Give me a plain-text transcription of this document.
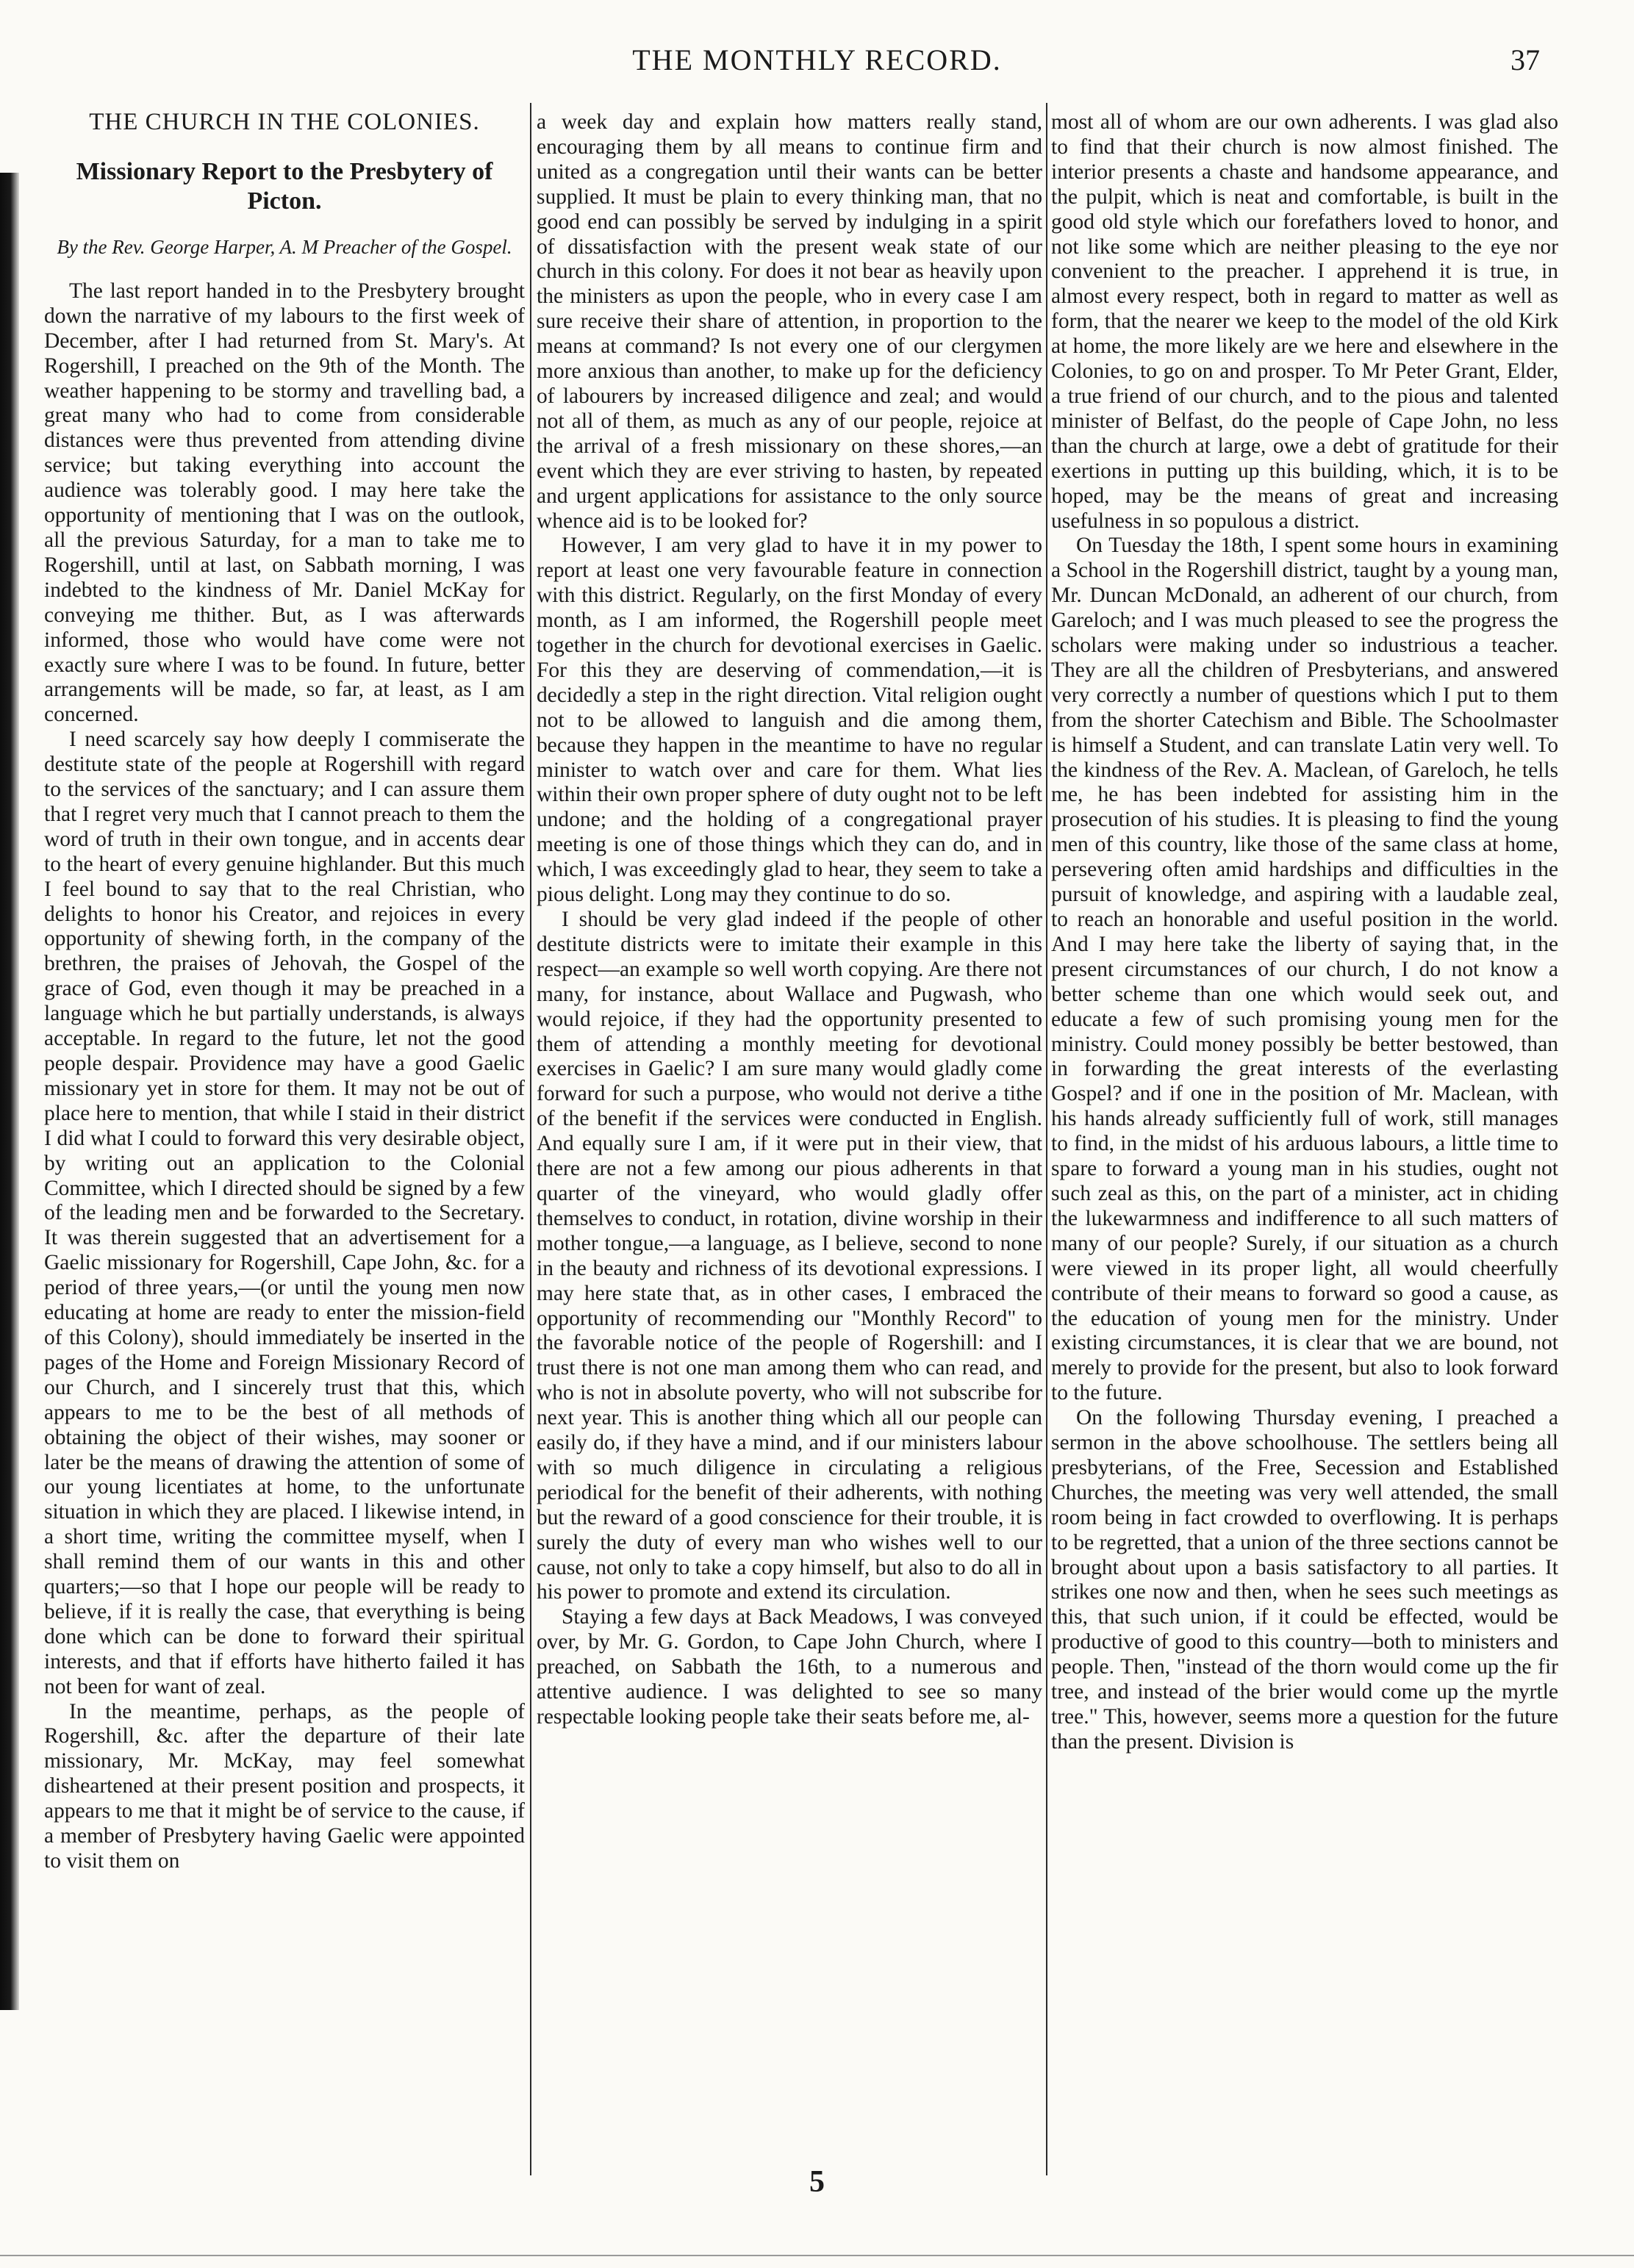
THE MONTHLY RECORD.	37
THE CHURCH IN THE COLONIES.
Missionary Report to the Presbytery of Picton.
By the Rev. George Harper, A. M Preacher of the Gospel.

The last report handed in to the Presbytery brought down the narrative of my labours to the first week of December, after I had returned from St. Mary's. At Rogershill, I preached on the 9th of the Month. The weather happening to be stormy and travelling bad, a great many who had to come from considerable distances were thus prevented from attending divine service; but taking everything into account the audience was tolerably good. I may here take the opportunity of mentioning that I was on the outlook, all the previous Saturday, for a man to take me to Rogershill, until at last, on Sabbath morning, I was indebted to the kindness of Mr. Daniel McKay for conveying me thither. But, as I was afterwards informed, those who would have come were not exactly sure where I was to be found. In future, better arrangements will be made, so far, at least, as I am concerned.

I need scarcely say how deeply I commiserate the destitute state of the people at Rogershill with regard to the services of the sanctuary; and I can assure them that I regret very much that I cannot preach to them the word of truth in their own tongue, and in accents dear to the heart of every genuine highlander. But this much I feel bound to say that to the real Christian, who delights to honor his Creator, and rejoices in every opportunity of shewing forth, in the company of the brethren, the praises of Jehovah, the Gospel of the grace of God, even though it may be preached in a language which he but partially understands, is always acceptable. In regard to the future, let not the good people despair. Providence may have a good Gaelic missionary yet in store for them. It may not be out of place here to mention, that while I staid in their district I did what I could to forward this very desirable object, by writing out an application to the Colonial Committee, which I directed should be signed by a few of the leading men and be forwarded to the Secretary. It was therein suggested that an advertisement for a Gaelic missionary for Rogershill, Cape John, &c. for a period of three years,—(or until the young men now educating at home are ready to enter the mission-field of this Colony), should immediately be inserted in the pages of the Home and Foreign Missionary Record of our Church, and I sincerely trust that this, which appears to me to be the best of all methods of obtaining the object of their wishes, may sooner or later be the means of drawing the attention of some of our young licentiates at home, to the unfortunate situation in which they are placed. I likewise intend, in a short time, writing the committee myself, when I shall remind them of our wants in this and other quarters;—so that I hope our people will be ready to believe, if it is really the case, that everything is being done which can be done to forward their spiritual interests, and that if efforts have hitherto failed it has not been for want of zeal.

In the meantime, perhaps, as the people of Rogershill, &c. after the departure of their late missionary, Mr. McKay, may feel somewhat disheartened at their present position and prospects, it appears to me that it might be of service to the cause, if a member of Presbytery having Gaelic were appointed to visit them on

a week day and explain how matters really stand, encouraging them by all means to continue firm and united as a congregation until their wants can be better supplied. It must be plain to every thinking man, that no good end can possibly be served by indulging in a spirit of dissatisfaction with the present weak state of our church in this colony. For does it not bear as heavily upon the ministers as upon the people, who in every case I am sure receive their share of attention, in proportion to the means at command? Is not every one of our clergymen more anxious than another, to make up for the deficiency of labourers by increased diligence and zeal; and would not all of them, as much as any of our people, rejoice at the arrival of a fresh missionary on these shores,—an event which they are ever striving to hasten, by repeated and urgent applications for assistance to the only source whence aid is to be looked for?

However, I am very glad to have it in my power to report at least one very favourable feature in connection with this district. Regularly, on the first Monday of every month, as I am informed, the Rogershill people meet together in the church for devotional exercises in Gaelic. For this they are deserving of commendation,—it is decidedly a step in the right direction. Vital religion ought not to be allowed to languish and die among them, because they happen in the meantime to have no regular minister to watch over and care for them. What lies within their own proper sphere of duty ought not to be left undone; and the holding of a congregational prayer meeting is one of those things which they can do, and in which, I was exceedingly glad to hear, they seem to take a pious delight. Long may they continue to do so.

I should be very glad indeed if the people of other destitute districts were to imitate their example in this respect—an example so well worth copying. Are there not many, for instance, about Wallace and Pugwash, who would rejoice, if they had the opportunity presented to them of attending a monthly meeting for devotional exercises in Gaelic? I am sure many would gladly come forward for such a purpose, who would not derive a tithe of the benefit if the services were conducted in English. And equally sure I am, if it were put in their view, that there are not a few among our pious adherents in that quarter of the vineyard, who would gladly offer themselves to conduct, in rotation, divine worship in their mother tongue,—a language, as I believe, second to none in the beauty and richness of its devotional expressions. I may here state that, as in other cases, I embraced the opportunity of recommending our "Monthly Record" to the favorable notice of the people of Rogershill: and I trust there is not one man among them who can read, and who is not in absolute poverty, who will not subscribe for next year. This is another thing which all our people can easily do, if they have a mind, and if our ministers labour with so much diligence in circulating a religious periodical for the benefit of their adherents, with nothing but the reward of a good conscience for their trouble, it is surely the duty of every man who wishes well to our cause, not only to take a copy himself, but also to do all in his power to promote and extend its circulation.

Staying a few days at Back Meadows, I was conveyed over, by Mr. G. Gordon, to Cape John Church, where I preached, on Sabbath the 16th, to a numerous and attentive audience. I was delighted to see so many respectable looking people take their seats before me, al-

most all of whom are our own adherents. I was glad also to find that their church is now almost finished. The interior presents a chaste and handsome appearance, and the pulpit, which is neat and comfortable, is built in the good old style which our forefathers loved to honor, and not like some which are neither pleasing to the eye nor convenient to the preacher. I apprehend it is true, in almost every respect, both in regard to matter as well as form, that the nearer we keep to the model of the old Kirk at home, the more likely are we here and elsewhere in the Colonies, to go on and prosper. To Mr Peter Grant, Elder, a true friend of our church, and to the pious and talented minister of Belfast, do the people of Cape John, no less than the church at large, owe a debt of gratitude for their exertions in putting up this building, which, it is to be hoped, may be the means of great and increasing usefulness in so populous a district.

On Tuesday the 18th, I spent some hours in examining a School in the Rogershill district, taught by a young man, Mr. Duncan McDonald, an adherent of our church, from Gareloch; and I was much pleased to see the progress the scholars were making under so industrious a teacher. They are all the children of Presbyterians, and answered very correctly a number of questions which I put to them from the shorter Catechism and Bible. The Schoolmaster is himself a Student, and can translate Latin very well. To the kindness of the Rev. A. Maclean, of Gareloch, he tells me, he has been indebted for assisting him in the prosecution of his studies. It is pleasing to find the young men of this country, like those of the same class at home, persevering often amid hardships and difficulties in the pursuit of knowledge, and aspiring with a laudable zeal, to reach an honorable and useful position in the world. And I may here take the liberty of saying that, in the present circumstances of our church, I do not know a better scheme than one which would seek out, and educate a few of such promising young men for the ministry. Could money possibly be better bestowed, than in forwarding the great interests of the everlasting Gospel? and if one in the position of Mr. Maclean, with his hands already sufficiently full of work, still manages to find, in the midst of his arduous labours, a little time to spare to forward a young man in his studies, ought not such zeal as this, on the part of a minister, act in chiding the lukewarmness and indifference to all such matters of many of our people? Surely, if our situation as a church were viewed in its proper light, all would cheerfully contribute of their means to forward so good a cause, as the education of young men for the ministry. Under existing circumstances, it is clear that we are bound, not merely to provide for the present, but also to look forward to the future.

On the following Thursday evening, I preached a sermon in the above schoolhouse. The settlers being all presbyterians, of the Free, Secession and Established Churches, the meeting was very well attended, the small room being in fact crowded to overflowing. It is perhaps to be regretted, that a union of the three sections cannot be brought about upon a basis satisfactory to all parties. It strikes one now and then, when he sees such meetings as this, that such union, if it could be effected, would be productive of good to this country—both to ministers and people. Then, "instead of the thorn would come up the fir tree, and instead of the brier would come up the myrtle tree." This, however, seems more a question for the future than the present. Division is

5
